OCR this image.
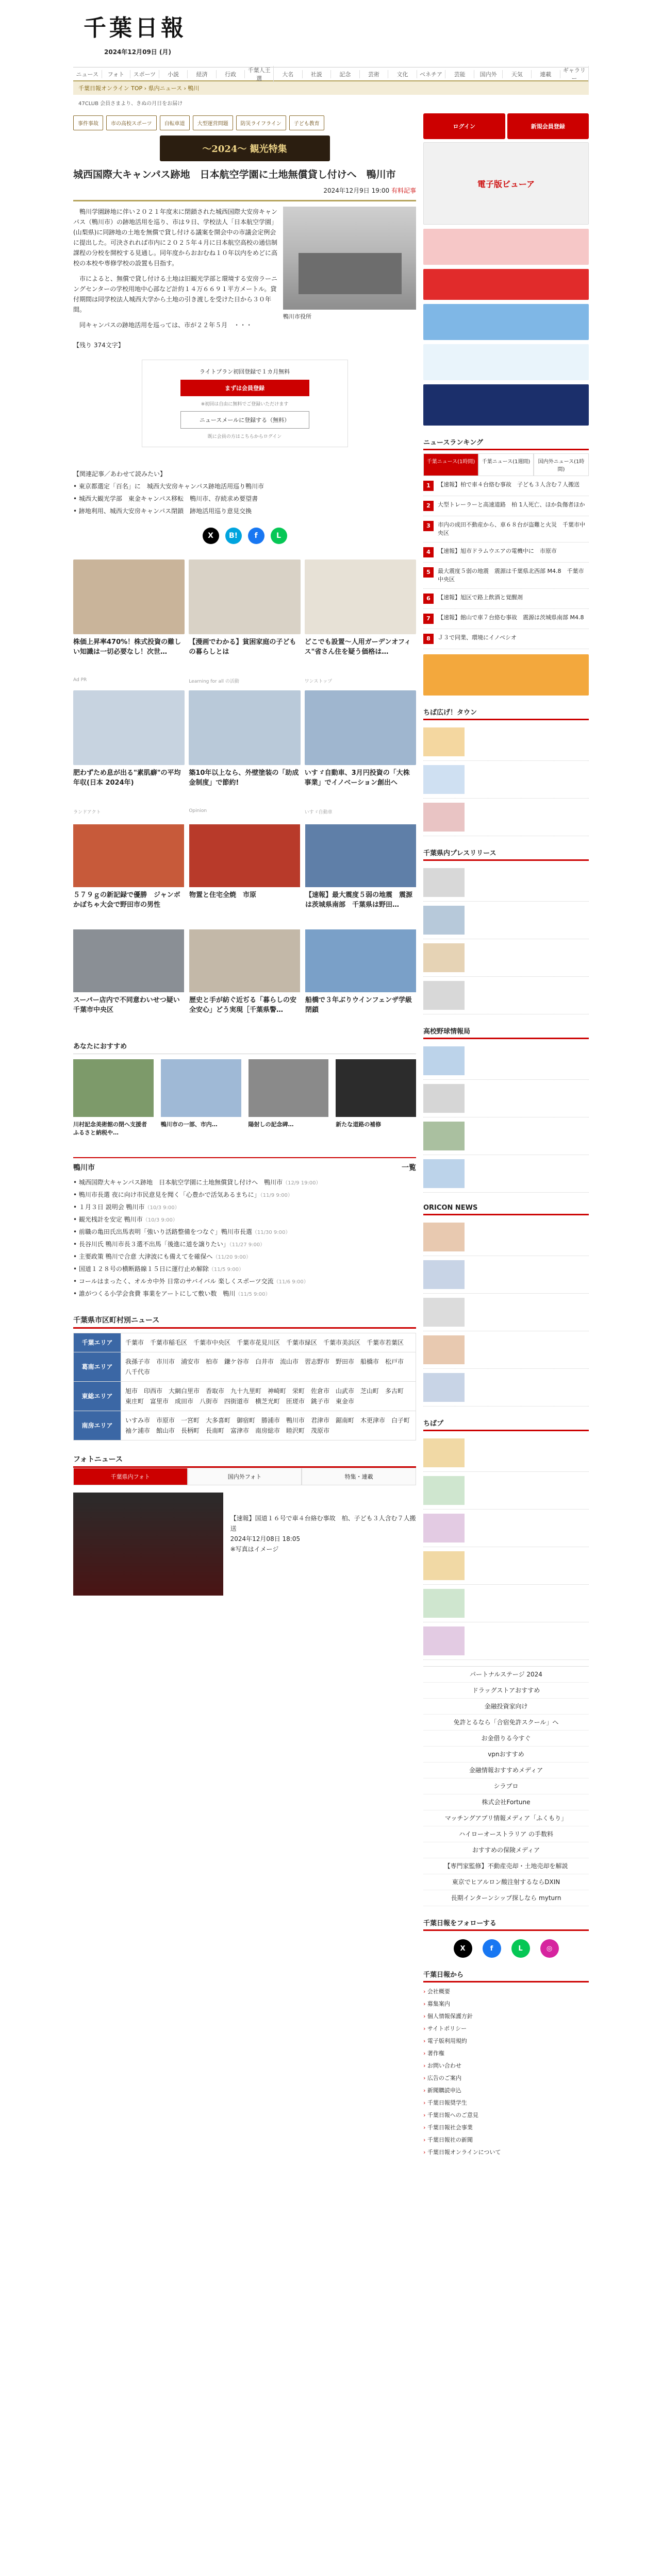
千葉日報
2024年12月09日 (月)
ニュース	フォト	スポーツ	小説	経済	行政
千葉人王選
大名	社説	記念	芸術	文化	ベネチア	芸能	国内外	天気	連載
ギャラリー
千葉日報オンライン TOP › 県内ニュース › 鴨川
47CLUB 会員さまより、きぬの月日をお届け
事件事故	市の高校スポーツ	自転車道	大型運営問題	防災ライフライン	子ども教育
〜2024〜 観光特集
城西国際大キャンパス跡地　日本航空学園に土地無償貸し付けへ　鴨川市
2024年12月9日 19:00 有料記事

鴨川学園跡地に伴い２０２１年度末に閉鎖された城西国際大安房キャンパス（鴨川市）の跡地活用を巡り、市は９日、学校法人「日本航空学園」(山梨県)に同跡地の土地を無償で貸し付ける議案を開会中の市議会定例会に提出した。可決されれば市内に２０２５年４月に日本航空高校の通信制課程の分校を開校する見通し。同年度からおおむね１０年以内をめどに高校の本校や専修学校の設置も目指す。

市によると、無償で貸し付ける土地は旧観光学部と環境する安房ラーニングセンターの学校用地中心部など計約１４万６６９１平方メートル。貸付期間は同学校法人城西大学から土地の引き渡しを受けた日から３０年間。

同キャンパスの跡地活用を巡っては、市が２２年５月　・・・

鴨川市役所
【残り 374文字】
ライトプラン初回登録で１カ月無料
まずは会員登録
※初回は自由に無料でご登録いただけます
ニュースメールに登録する（無料）
既に会員の方はこちらからログイン
【関連記事／あわせて読みたい】
• 東京都選定「百名」に　城西大安房キャンパス跡地活用巡り鴨川市
• 城西大観光学部　東金キャンパス移転　鴨川市、存続求め要望書
• 跡地利用、城西大安房キャンパス閉鎖　跡地活用巡り意見交換
X	B!	f	L
株価上昇率470%！株式投資の難しい知識は一切必要なし！次世…
Ad PR
【漫画でわかる】貧困家庭の子どもの暮らしとは
Learning for all の活動
どこでも設置〜人用ガーデンオフィス"省さん住を疑う価格は…
ワンストップ
肥わずため息が出る"素肌癖"の平均年収(日本 2024年)
ランドアクト
築10年以上なら、外壁塗装の「助成金制度」で節約!
Opinion
いすゞ自動車、3月円投資の「大株事業」でイノベーション創出へ
いすゞ自動車
５７９ｇの新記録で優勝　ジャンボかぼちゃ大会で野田市の男性
物置と住宅全焼　市原	【速報】最大震度５弱の地震　震源は茨城県南部　千葉県は野田…
スーパー店内で不同意わいせつ疑い　千葉市中央区
歴史と手が紡ぐ近ぢる「暮らしの安全安心」どう実現［千葉県警…
船橋で３年ぶりウインフェンザ学級閉鎖
あなたにおすすめ
川村記念美術館の閉へ支援者　ふるさと納税や…
鴨川市の一部、市内…	陽射しの記念碑…	新たな道路の補修
鴨川市	一覧
• 城西国際大キャンパス跡地　日本航空学園に土地無償貸し付けへ　鴨川市（12/9 19:00）
• 鴨川市長選 夜に向け市民意見を聞く「心豊かで活気あるまちに」（11/9 9:00）
• １月３日 説明会 鴨川市（10/3 9:00）
• 観光桟計を安定 鴨川市（10/3 9:00）
• 前職の亀田氏出馬表明「強いり活路整備をつなぐ」鴨川市長選（11/30 9:00）
• 長谷川氏 鴨川市長３選不出馬「後進に道を譲りたい」（11/27 9:00）
• 主要政策 鴨川で合意 大津波にも備えてを確保へ（11/20 9:00）
• 国道１２８号の横断路線１５日に運行止め解除（11/5 9:00）
• コールはまったく、オルカ中外 日常のサバイバル 楽しくスポーツ交流（11/6 9:00）
• 誰がつくる小学会食費 事業をアートにして敷い数　鴨川（11/5 9:00）
千葉県市区町村別ニュース
千葉エリア	千葉市　千葉市稲毛区　千葉市中央区　千葉市花見川区　千葉市緑区　千葉市美浜区　千葉市若葉区
葛南エリア	我孫子市　市川市　浦安市　柏市　鎌ケ谷市　白井市　流山市　習志野市　野田市　船橋市　松戸市　八千代市
東総エリア	旭市　印西市　大網白里市　香取市　九十九里町　神崎町　栄町　佐倉市　山武市　芝山町　多古町　東庄町　富里市　成田市　八街市　四街道市　横芝光町　匝瑳市　銚子市　東金市
南房エリア	いすみ市　市原市　一宮町　大多喜町　御宿町　勝浦市　鴨川市　君津市　鋸南町　木更津市　白子町　袖ケ浦市　館山市　長柄町　長南町　富津市　南房総市　睦沢町　茂原市
フォトニュース
千葉県内フォト	国内外フォト	特集・連載
【速報】国道１６号で車４台絡む事故　柏、子ども３人含む７人搬送
2024年12月08日 18:05
※写真はイメージ
ログイン	新規会員登録
電子版ビューア
ニュースランキング
千葉ニュース(1時間)	千葉ニュース(1週間)	国内外ニュース(1時間)
1	【速報】柏で車４台絡む事故　子ども３人含む７人搬送
2	大型トレーラーと高速道路　柏 1人死亡、ほか負傷者ほか
3	市内の成田不動産から、車６８台が盗難と火災　千葉市中央区
4	【速報】旭市ドラムウエアの電機中に　市原市
5	最大震度５弱の地震　震源は千葉県北西部 M4.8　千葉市中央区
6	【速報】旭区で路上飲酒と覚醒剤
7	【速報】館山で車７台絡む事故　震源は茨城県南部 M4.8
8	Ｊ３で同業、環境にイノベシオ
ちば広げ！タウン
千葉県内プレスリリース
高校野球情報局
ORICON NEWS
ちばプ
パートナルステージ 2024
ドラッグストアおすすめ
金融投資家向け
免許とるなら「合宿免許スクール」へ
お金借りる今すぐ
vpnおすすめ
金融情報おすすめメディア
シラプロ
株式会社Fortune
マッチングアプリ情報メディア「ふくもり」
ハイローオーストラリア の手数料
おすすめの保険メディア
【専門家監修】不動産売却・土地売却を解説
東京でヒアルロン酸注射するならDXIN
長期インターンシップ探しなら myturn
千葉日報をフォローする
X	f	L	◎
千葉日報から
› 会社概要
› 募集案内
› 個人情報保護方針
› サイトポリシー
› 電子版利用規約
› 著作権
› お問い合わせ
› 広告のご案内
› 新聞購読申込
› 千葉日報奨学生
› 千葉日報へのご意見
› 千葉日報社会事業
› 千葉日報社の新聞
› 千葉日報オンラインについて
